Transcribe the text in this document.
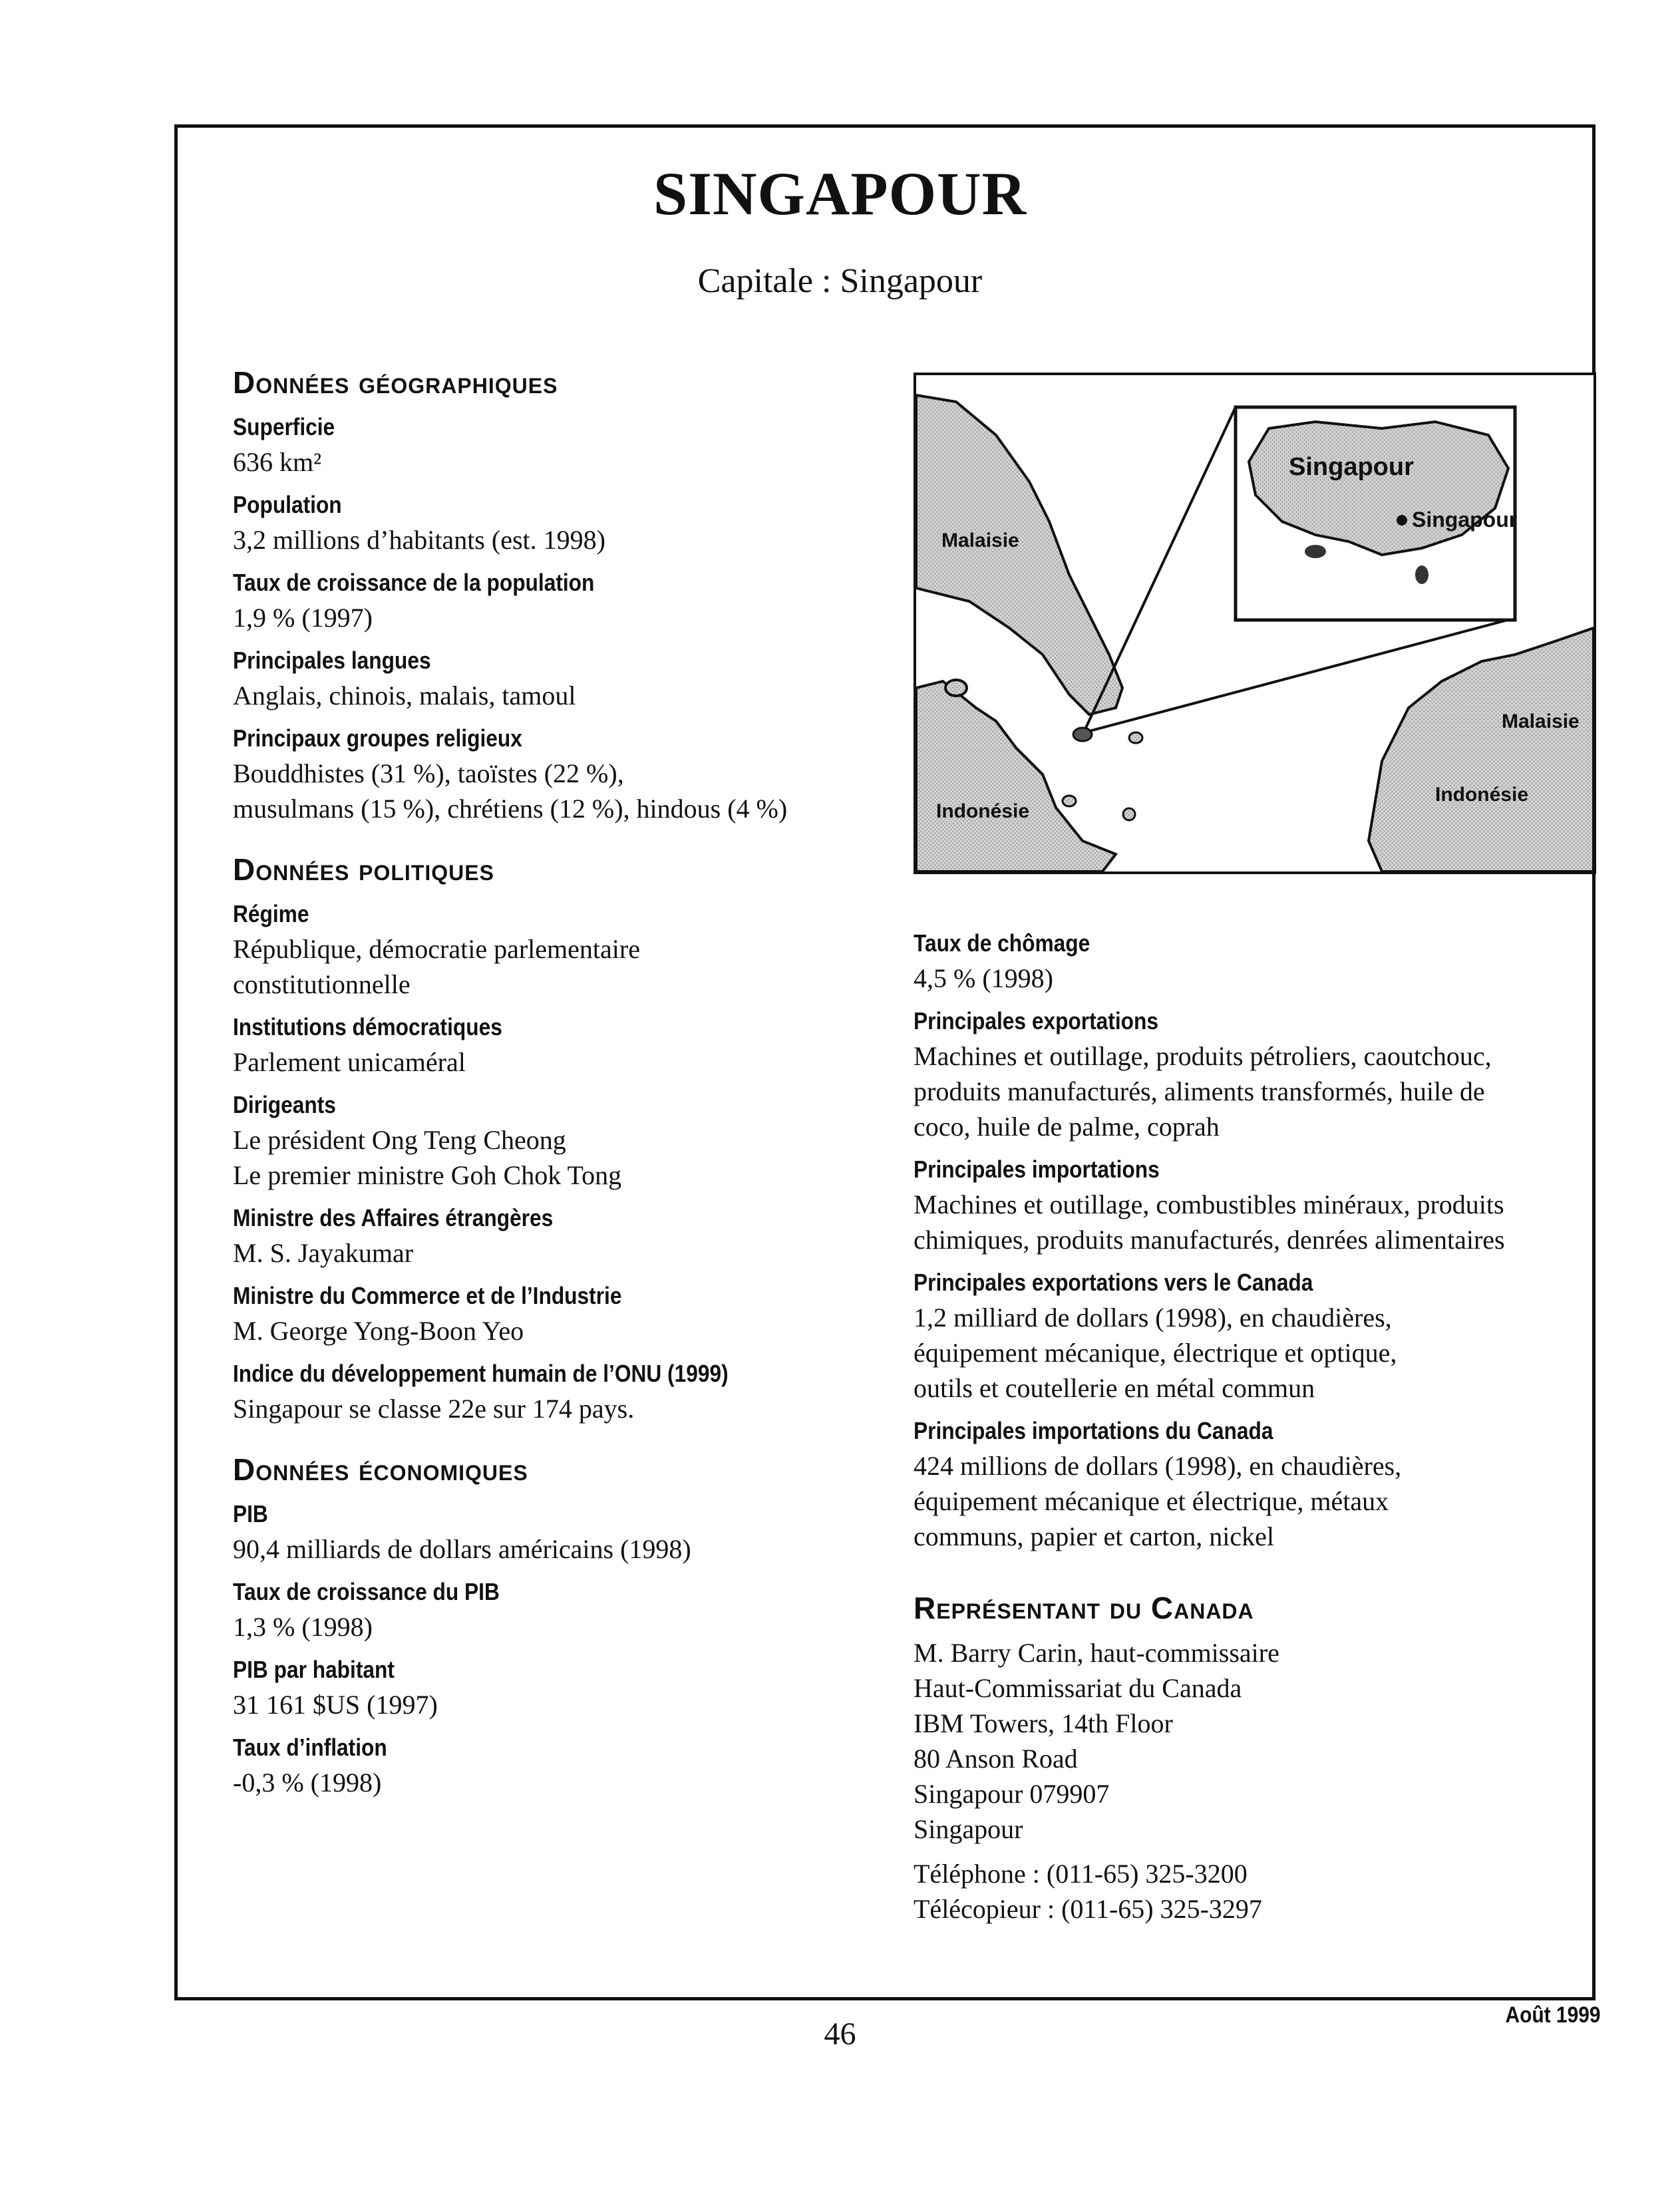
SINGAPOUR
Capitale : Singapour
Données géographiques
Superficie
636 km²
Population
3,2 millions d’habitants (est. 1998)
Taux de croissance de la population
1,9 % (1997)
Principales langues
Anglais, chinois, malais, tamoul
Principaux groupes religieux
Bouddhistes (31 %), taoïstes (22 %),
musulmans (15 %), chrétiens (12 %), hindous (4 %)
Données politiques
Régime
République, démocratie parlementaire
constitutionnelle
Institutions démocratiques
Parlement unicaméral
Dirigeants
Le président Ong Teng Cheong
Le premier ministre Goh Chok Tong
Ministre des Affaires étrangères
M. S. Jayakumar
Ministre du Commerce et de l’Industrie
M. George Yong-Boon Yeo
Indice du développement humain de l’ONU (1999)
Singapour se classe 22e sur 174 pays.
Données économiques
PIB
90,4 milliards de dollars américains (1998)
Taux de croissance du PIB
1,3 % (1998)
PIB par habitant
31 161 $US (1997)
Taux d’inflation
-0,3 % (1998)
Malaisie
Indonésie
Malaisie
Indonésie
Singapour
Singapour
Taux de chômage
4,5 % (1998)
Principales exportations
Machines et outillage, produits pétroliers, caoutchouc,
produits manufacturés, aliments transformés, huile de
coco, huile de palme, coprah
Principales importations
Machines et outillage, combustibles minéraux, produits
chimiques, produits manufacturés, denrées alimentaires
Principales exportations vers le Canada
1,2 milliard de dollars (1998), en chaudières,
équipement mécanique, électrique et optique,
outils et coutellerie en métal commun
Principales importations du Canada
424 millions de dollars (1998), en chaudières,
équipement mécanique et électrique, métaux
communs, papier et carton, nickel
Représentant du Canada
M. Barry Carin, haut-commissaire
Haut-Commissariat du Canada
IBM Towers, 14th Floor
80 Anson Road
Singapour 079907
Singapour
Téléphone : (011-65) 325-3200
Télécopieur : (011-65) 325-3297
46
Août 1999
